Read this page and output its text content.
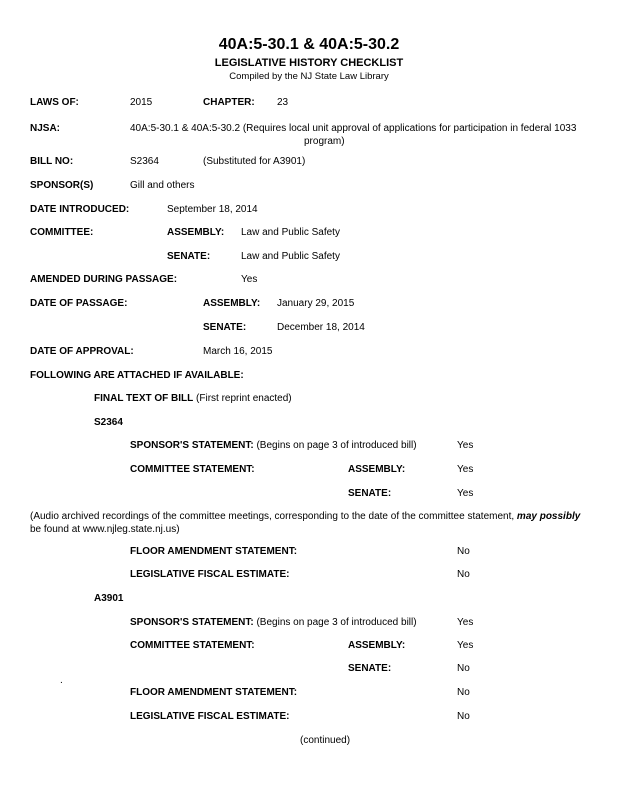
40A:5-30.1 & 40A:5-30.2
LEGISLATIVE HISTORY CHECKLIST
Compiled by the NJ State Law Library
LAWS OF:	2015	CHAPTER: 23
NJSA:	40A:5-30.1 & 40A:5-30.2 (Requires local unit approval of applications for participation in federal 1033
program)
BILL NO:	S2364	(Substituted for A3901)
SPONSOR(S)	Gill and others
DATE INTRODUCED:	September 18, 2014
COMMITTEE:	ASSEMBLY: Law and Public Safety
SENATE:	Law and Public Safety
AMENDED DURING PASSAGE:	Yes
DATE OF PASSAGE:	ASSEMBLY: January 29, 2015
SENATE:	December 18, 2014
DATE OF APPROVAL:	March 16, 2015
FOLLOWING ARE ATTACHED IF AVAILABLE:
FINAL TEXT OF BILL (First reprint enacted)
S2364
SPONSOR'S STATEMENT: (Begins on page 3 of introduced bill)	Yes
COMMITTEE STATEMENT:	ASSEMBLY:	Yes
SENATE:	Yes
(Audio archived recordings of the committee meetings, corresponding to the date of the committee statement, may possibly be found at www.njleg.state.nj.us)
FLOOR AMENDMENT STATEMENT:	No
LEGISLATIVE FISCAL ESTIMATE:	No
A3901
SPONSOR'S STATEMENT: (Begins on page 3 of introduced bill)	Yes
COMMITTEE STATEMENT:	ASSEMBLY:	Yes
SENATE:	No
.
FLOOR AMENDMENT STATEMENT:	No
LEGISLATIVE FISCAL ESTIMATE:	No
(continued)
